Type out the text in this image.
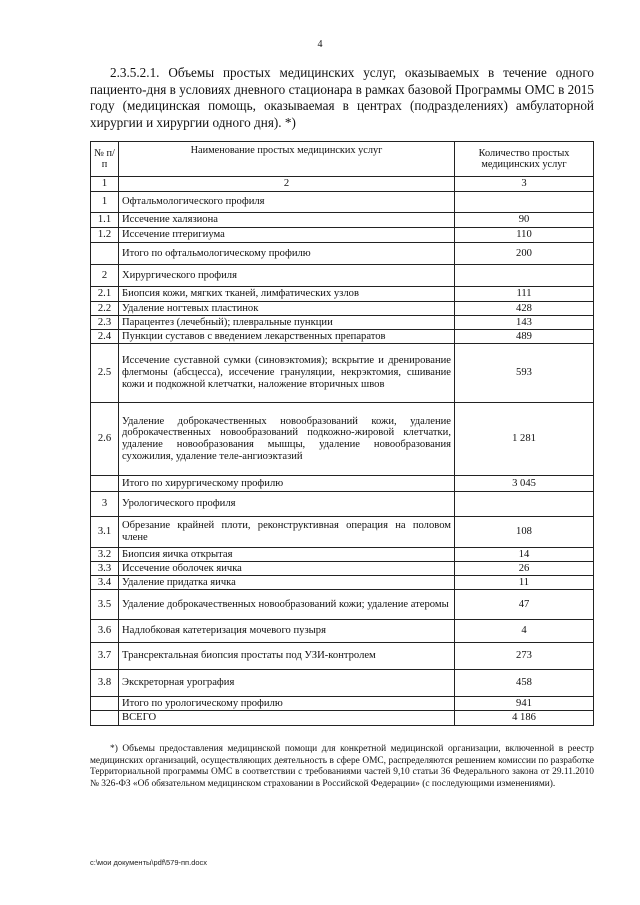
4

2.3.5.2.1. Объемы простых медицинских услуг, оказываемых в течение одного пациенто-дня в условиях дневного стационара в рамках базовой Программы ОМС в 2015 году (медицинская помощь, оказываемая в центрах (подразделениях) амбулаторной хирургии и хирургии одного дня). *)

№ п/п	Наименование простых медицинских услуг	Количество простых медицинских услуг
1	2	3
1	Офтальмологического профиля	
1.1	Иссечение халязиона	90
1.2	Иссечение птеригиума	110
	Итого по офтальмологическому профилю	200
2	Хирургического профиля	
2.1	Биопсия кожи, мягких тканей, лимфатических узлов	111
2.2	Удаление ногтевых пластинок	428
2.3	Парацентез (лечебный); плевральные пункции	143
2.4	Пункции суставов с введением лекарственных препаратов	489
2.5	Иссечение суставной сумки (синовэктомия); вскрытие и дренирование флегмоны (абсцесса), иссечение грануляции, некрэктомия, сшивание кожи и подкожной клетчатки, наложение вторичных швов	593
2.6	Удаление доброкачественных новообразований кожи, удаление доброкачественных новообразований подкожно-жировой клетчатки, удаление новообразования мышцы, удаление новообразования сухожилия, удаление теле-ангиоэктазий	1 281
	Итого по хирургическому профилю	3 045
3	Урологического профиля	
3.1	Обрезание крайней плоти, реконструктивная операция на половом члене	108
3.2	Биопсия яичка открытая	14
3.3	Иссечение оболочек яичка	26
3.4	Удаление придатка яичка	11
3.5	Удаление доброкачественных новообразований кожи; удаление атеромы	47
3.6	Надлобковая катетеризация мочевого пузыря	4
3.7	Трансректальная биопсия простаты под УЗИ-контролем	273
3.8	Экскреторная урография	458
	Итого по урологическому профилю	941
	ВСЕГО	4 186

*) Объемы предоставления медицинской помощи для конкретной медицинской организации, включенной в реестр медицинских организаций, осуществляющих деятельность в сфере ОМС, распределяются решением комиссии по разработке Территориальной программы ОМС в соответствии с требованиями частей 9,10 статьи 36 Федерального закона от 29.11.2010 № 326-ФЗ «Об обязательном медицинском страховании в Российской Федерации» (с последующими изменениями).

c:\мои документы\pdf\579-пп.docx
